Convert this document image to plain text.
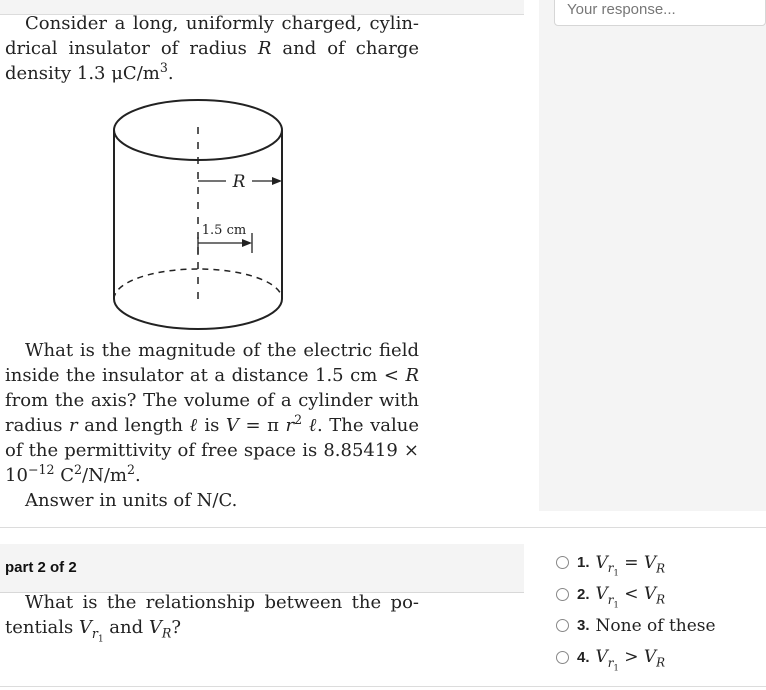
Your response...
Consider a long, uniformly charged, cylin-drical insulator of radius R and of charge density 1.3 $\mu C/m^3$.
R
1.5 cm
What is the magnitude of the electric field inside the insulator at a distance 1.5 cm < R from the axis? The volume of a cylinder with radius r and length ℓ is V = π $r^2$ ℓ. The value of the permittivity of free space is $8.85419 \times 10^{-12}$ $C^2/N/m^2$.
Answer in units of N/C.
part 2 of 2
What is the relationship between the po-tentials $V_{r_1}$ and $V_R$?
1. $V_{r_1} = V_R$
2. $V_{r_1} < V_R$
3. None of these
4. $V_{r_1} > V_R$
